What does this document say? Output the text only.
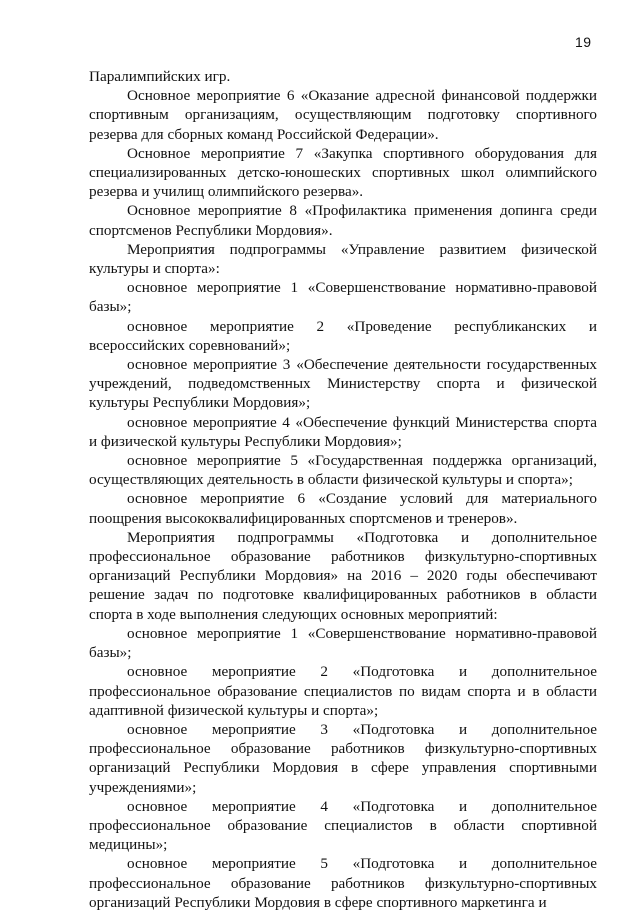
19

Паралимпийских игр.

Основное мероприятие 6 «Оказание адресной финансовой поддержки спортивным организациям, осуществляющим подготовку спортивного резерва для сборных команд Российской Федерации».

Основное мероприятие 7 «Закупка спортивного оборудования для специализированных детско-юношеских спортивных школ олимпийского резерва и училищ олимпийского резерва».

Основное мероприятие 8 «Профилактика применения допинга среди спортсменов Республики Мордовия».

Мероприятия подпрограммы «Управление развитием физической культуры и спорта»:

основное мероприятие 1 «Совершенствование нормативно-правовой базы»;

основное мероприятие 2 «Проведение республиканских и всероссийских соревнований»;

основное мероприятие 3 «Обеспечение деятельности государственных учреждений, подведомственных Министерству спорта и физической культуры Республики Мордовия»;

основное мероприятие 4 «Обеспечение функций Министерства спорта и физической культуры Республики Мордовия»;

основное мероприятие 5 «Государственная поддержка организаций, осуществляющих деятельность в области физической культуры и спорта»;

основное мероприятие 6 «Создание условий для материального поощрения высококвалифицированных спортсменов и тренеров».

Мероприятия подпрограммы «Подготовка и дополнительное профессиональное образование работников физкультурно-спортивных организаций Республики Мордовия» на 2016 – 2020 годы обеспечивают решение задач по подготовке квалифицированных работников в области спорта в ходе выполнения следующих основных мероприятий:

основное мероприятие 1 «Совершенствование нормативно-правовой базы»;

основное мероприятие 2 «Подготовка и дополнительное профессиональное образование специалистов по видам спорта и в области адаптивной физической культуры и спорта»;

основное мероприятие 3 «Подготовка и дополнительное профессиональное образование работников физкультурно-спортивных организаций Республики Мордовия в сфере управления спортивными учреждениями»;

основное мероприятие 4 «Подготовка и дополнительное профессиональное образование специалистов в области спортивной медицины»;

основное мероприятие 5 «Подготовка и дополнительное профессиональное образование работников физкультурно-спортивных организаций Республики Мордовия в сфере спортивного маркетинга и
